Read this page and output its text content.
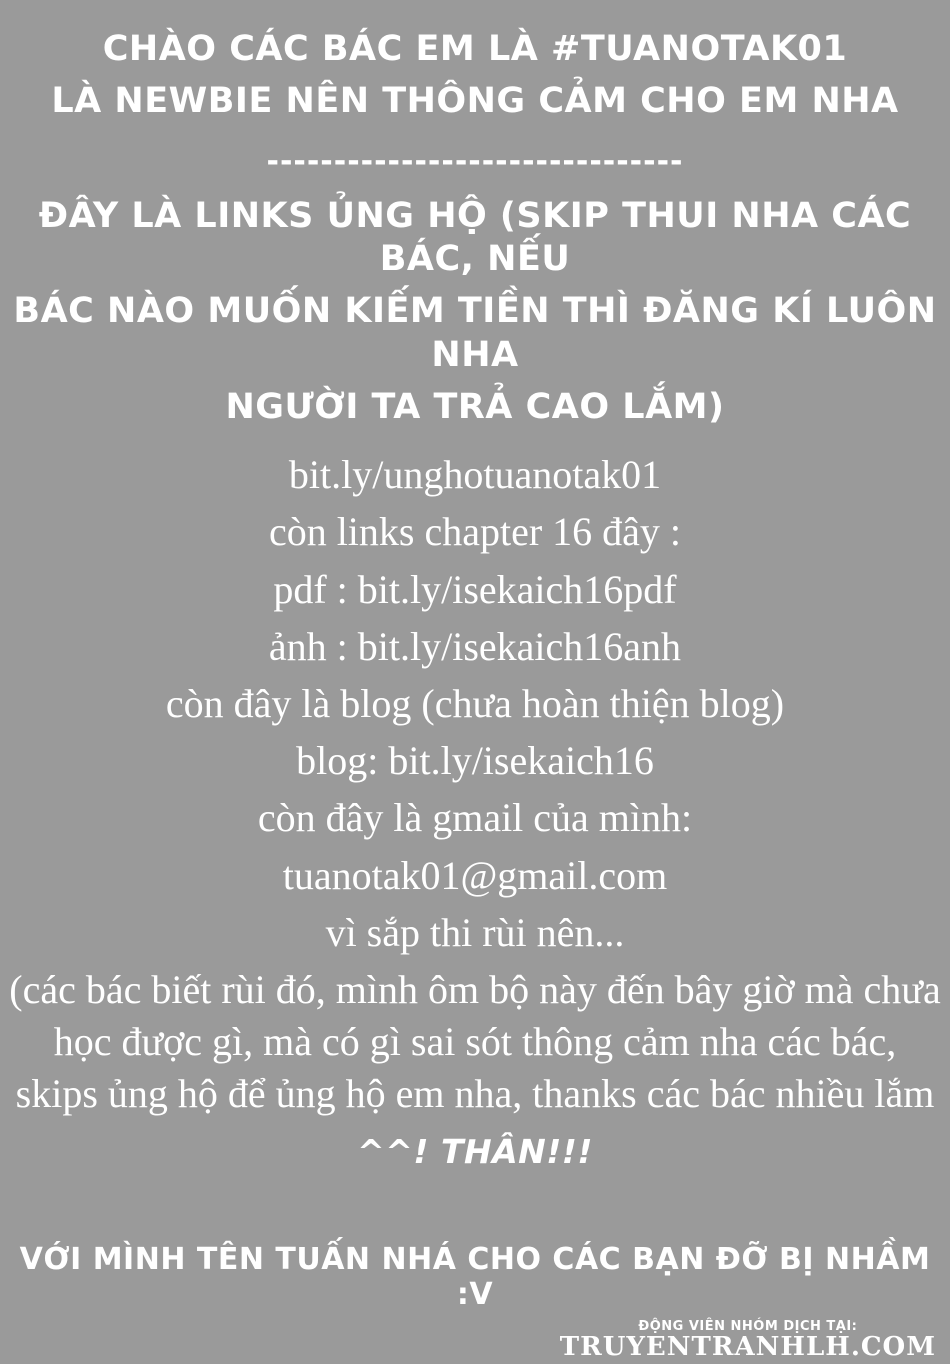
CHÀO CÁC BÁC EM LÀ #TUANOTAK01
LÀ NEWBIE NÊN THÔNG CẢM CHO EM NHA
-------------------------------
ĐÂY LÀ LINKS ỦNG HỘ (SKIP THUI NHA CÁC BÁC, NẾU
BÁC NÀO MUỐN KIẾM TIỀN THÌ ĐĂNG KÍ LUÔN NHA
NGƯỜI TA TRẢ CAO LẮM)
bit.ly/unghotuanotak01
còn links chapter 16 đây :
pdf : bit.ly/isekaich16pdf
ảnh : bit.ly/isekaich16anh
còn đây là blog (chưa hoàn thiện blog)
blog: bit.ly/isekaich16
còn đây là gmail của mình:
tuanotak01@gmail.com
vì sắp thi rùi nên...
(các bác biết rùi đó, mình ôm bộ này đến bây giờ mà chưa học được gì, mà có gì sai sót thông cảm nha các bác, skips ủng hộ để ủng hộ em nha, thanks các bác nhiều lắm
^^! THÂN!!!
VỚI MÌNH TÊN TUẤN NHÁ CHO CÁC BẠN ĐỠ BỊ NHẦM :V
ĐỘNG VIÊN NHÓM DỊCH TẠI:
TRUYENTRANHLH.COM
